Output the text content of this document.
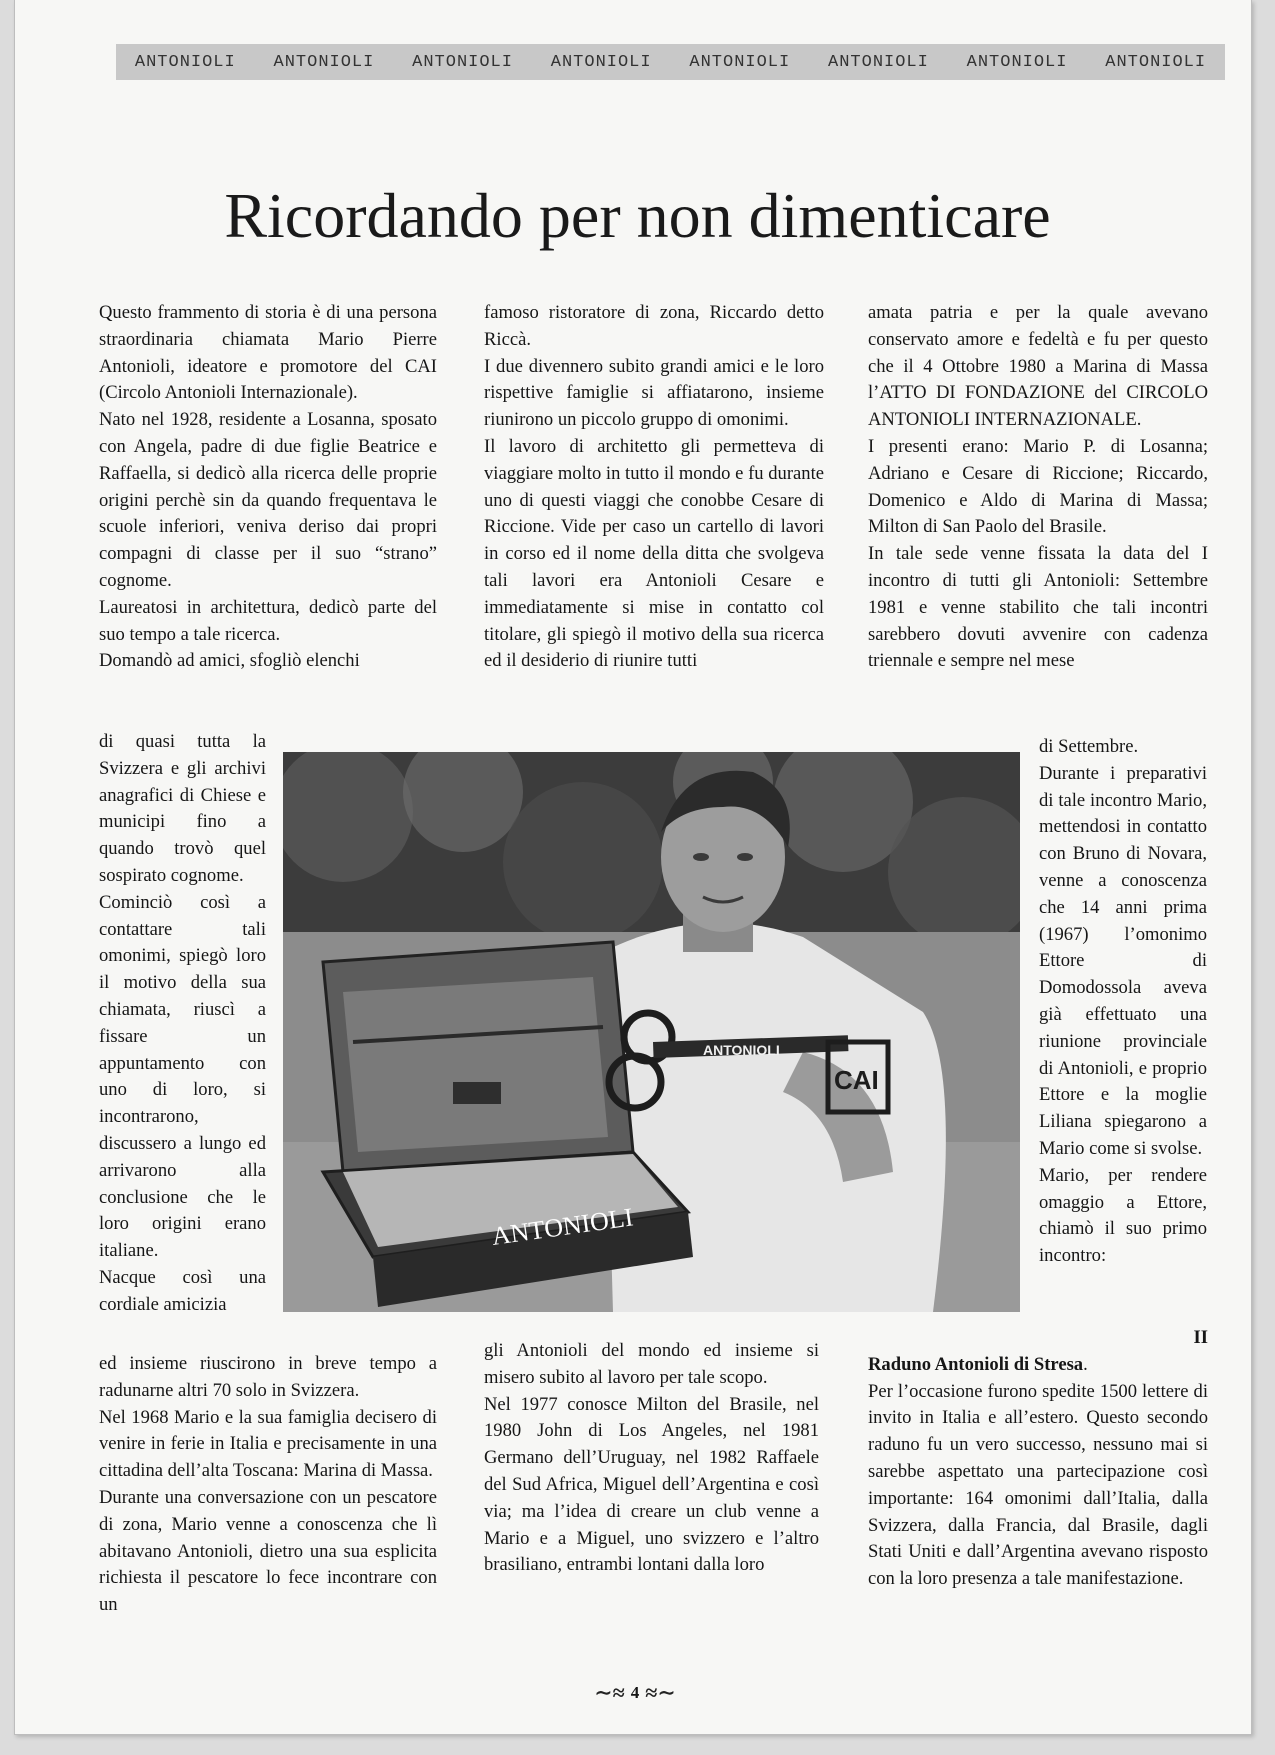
ANTONIOLI ANTONIOLI ANTONIOLI ANTONIOLI ANTONIOLI ANTONIOLI ANTONIOLI ANTONIOLI
Ricordando per non dimenticare

Questo frammento di storia è di una persona straordinaria chiamata Mario Pierre Antonioli, ideatore e promotore del CAI (Circolo Antonioli Internazionale).

Nato nel 1928, residente a Losanna, sposato con Angela, padre di due figlie Beatrice e Raffaella, si dedicò alla ricerca delle proprie origini perchè sin da quando frequentava le scuole inferiori, veniva deriso dai propri compagni di classe per il suo “strano” cognome.

Laureatosi in architettura, dedicò parte del suo tempo a tale ricerca.

Domandò ad amici, sfogliò elenchi

di quasi tutta la Svizzera e gli archivi anagrafici di Chiese e municipi fino a quando trovò quel sospirato cognome.

Cominciò così a contattare tali omonimi, spiegò loro il motivo della sua chiamata, riuscì a fissare un appuntamento con uno di loro, si incontrarono, discussero a lungo ed arrivarono alla conclusione che le loro origini erano italiane.

Nacque così una cordiale amicizia

ed insieme riuscirono in breve tempo a radunarne altri 70 solo in Svizzera.

Nel 1968 Mario e la sua famiglia decisero di venire in ferie in Italia e precisamente in una cittadina dell’alta Toscana: Marina di Massa.

Durante una conversazione con un pescatore di zona, Mario venne a conoscenza che lì abitavano Antonioli, dietro una sua esplicita richiesta il pescatore lo fece incontrare con un

famoso ristoratore di zona, Riccardo detto Riccà.

I due divennero subito grandi amici e le loro rispettive famiglie si affiatarono, insieme riunirono un piccolo gruppo di omonimi.

Il lavoro di architetto gli permetteva di viaggiare molto in tutto il mondo e fu durante uno di questi viaggi che conobbe Cesare di Riccione. Vide per caso un cartello di lavori in corso ed il nome della ditta che svolgeva tali lavori era Antonioli Cesare e immediatamente si mise in contatto col titolare, gli spiegò il motivo della sua ricerca ed il desiderio di riunire tutti

gli Antonioli del mondo ed insieme si misero subito al lavoro per tale scopo.

Nel 1977 conosce Milton del Brasile, nel 1980 John di Los Angeles, nel 1981 Germano dell’Uruguay, nel 1982 Raffaele del Sud Africa, Miguel dell’Argentina e così via; ma l’idea di creare un club venne a Mario e a Miguel, uno svizzero e l’altro brasiliano, entrambi lontani dalla loro

amata patria e per la quale avevano conservato amore e fedeltà e fu per questo che il 4 Ottobre 1980 a Marina di Massa l’ATTO DI FONDAZIONE del CIRCOLO ANTONIOLI INTERNAZIONALE.

I presenti erano: Mario P. di Losanna; Adriano e Cesare di Riccione; Riccardo, Domenico e Aldo di Marina di Massa; Milton di San Paolo del Brasile.

In tale sede venne fissata la data del I incontro di tutti gli Antonioli: Settembre 1981 e venne stabilito che tali incontri sarebbero dovuti avvenire con cadenza triennale e sempre nel mese

di Settembre.

Durante i preparativi di tale incontro Mario, mettendosi in contatto con Bruno di Novara, venne a conoscenza che 14 anni prima (1967) l’omonimo Ettore di Domodossola aveva già effettuato una riunione provinciale di Antonioli, e proprio Ettore e la moglie Liliana spiegarono a Mario come si svolse.

Mario, per rendere omaggio a Ettore, chiamò il suo primo incontro:

II

Raduno Antonioli di Stresa.

Per l’occasione furono spedite 1500 lettere di invito in Italia e all’estero. Questo secondo raduno fu un vero successo, nessuno mai si sarebbe aspettato una partecipazione così importante: 164 omonimi dall’Italia, dalla Svizzera, dalla Francia, dal Brasile, dagli Stati Uniti e dall’Argentina avevano risposto con la loro presenza a tale manifestazione.

ANTONIOLI
ANTONIOLI
CAI
∼≈ 4 ≈∼
